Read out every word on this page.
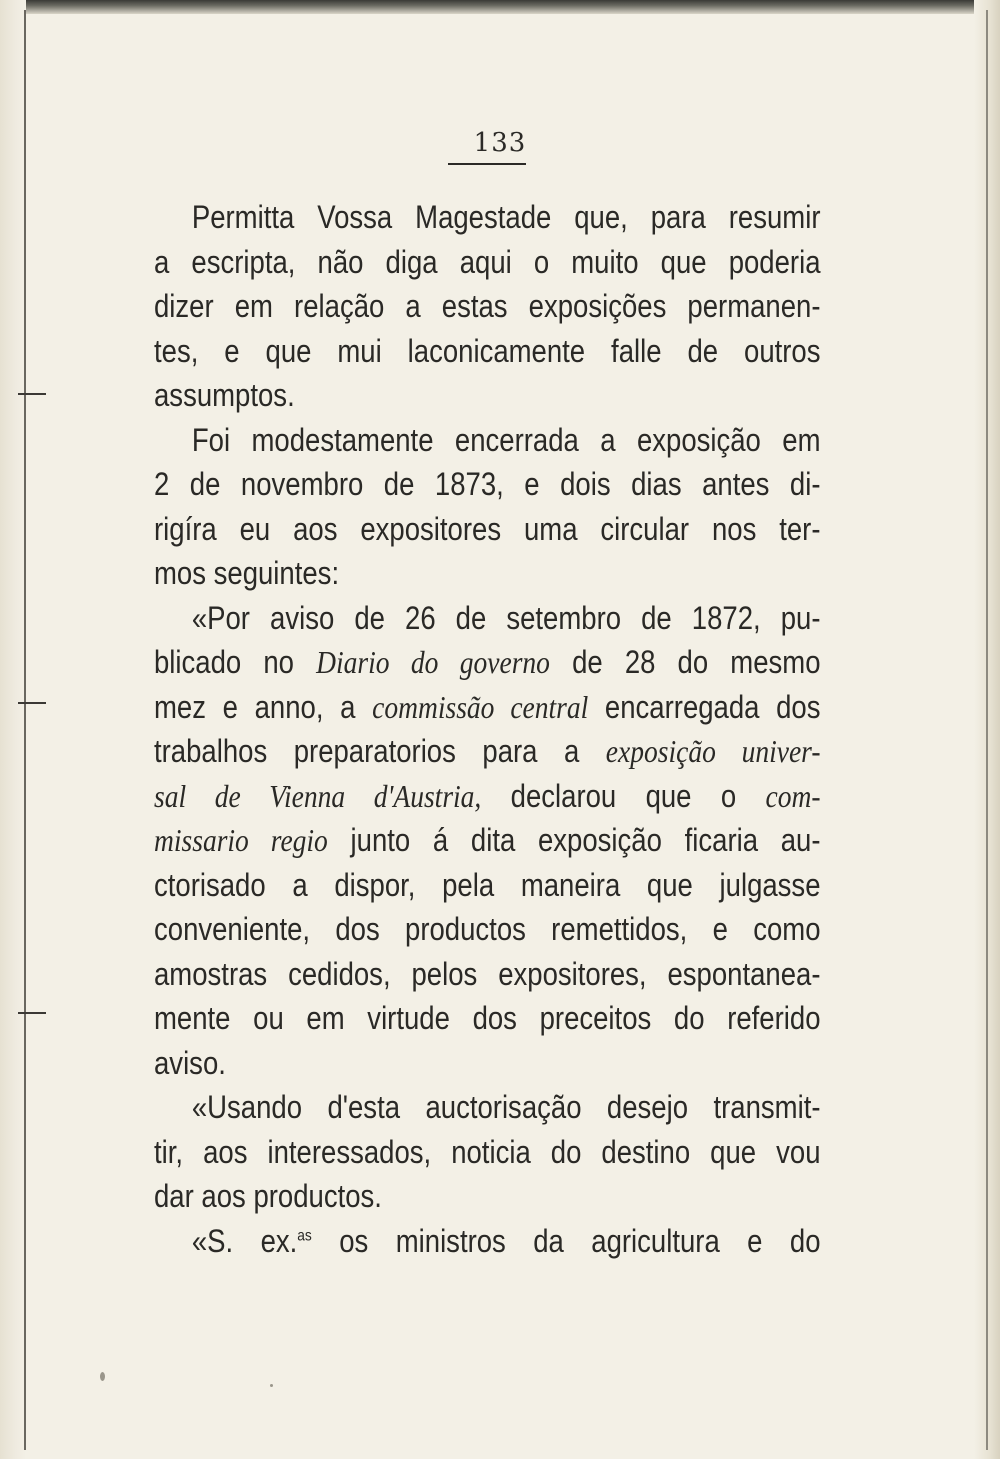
133
Permitta Vossa Magestade que, para resumir
a escripta, não diga aqui o muito que poderia
dizer em relação a estas exposições permanen-
tes, e que mui laconicamente falle de outros
assumptos.
Foi modestamente encerrada a exposição em
2 de novembro de 1873, e dois dias antes di-
rigíra eu aos expositores uma circular nos ter-
mos seguintes:
«Por aviso de 26 de setembro de 1872, pu-
blicado no Diario do governo de 28 do mesmo
mez e anno, a commissão central encarregada dos
trabalhos preparatorios para a exposição univer-
sal de Vienna d'Austria, declarou que o com-
missario regio junto á dita exposição ficaria au-
ctorisado a dispor, pela maneira que julgasse
conveniente, dos productos remettidos, e como
amostras cedidos, pelos expositores, espontanea-
mente ou em virtude dos preceitos do referido
aviso.
«Usando d'esta auctorisação desejo transmit-
tir, aos interessados, noticia do destino que vou
dar aos productos.
«S. ex.$^{as}$ os ministros da agricultura e do
